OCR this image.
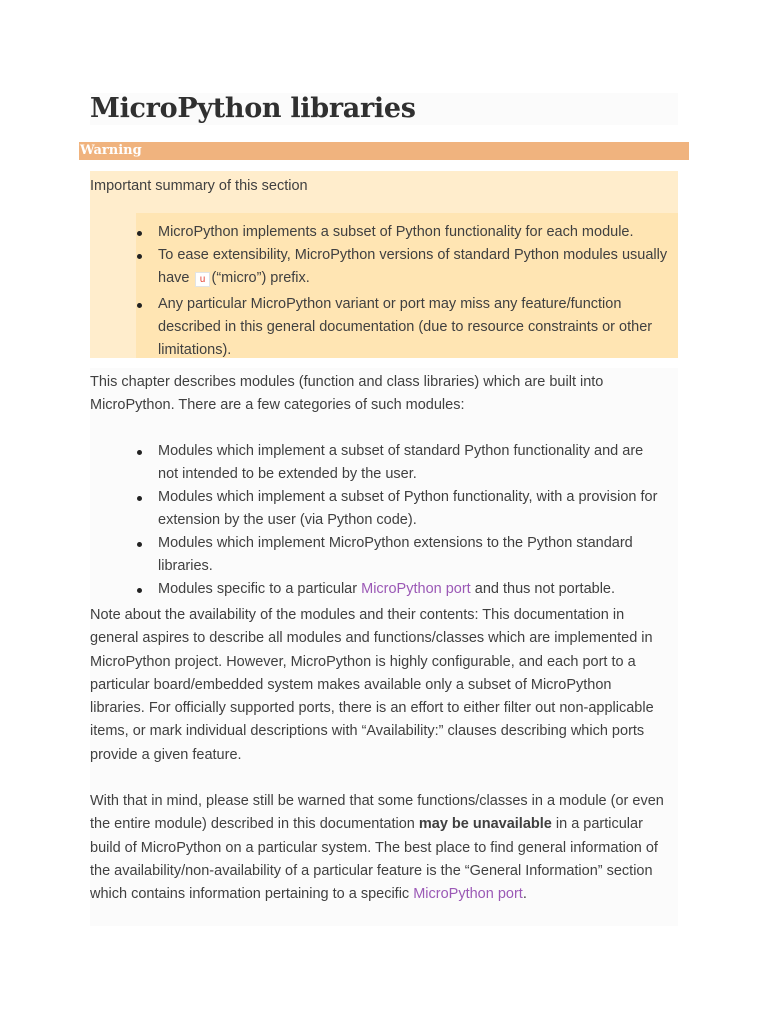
MicroPython libraries
Warning

Important summary of this section

MicroPython implements a subset of Python functionality for each module.
To ease extensibility, MicroPython versions of standard Python modules usually have u (“micro”) prefix.
Any particular MicroPython variant or port may miss any feature/function described in this general documentation (due to resource constraints or other limitations).

This chapter describes modules (function and class libraries) which are built into MicroPython. There are a few categories of such modules:

Modules which implement a subset of standard Python functionality and are not intended to be extended by the user.
Modules which implement a subset of Python functionality, with a provision for extension by the user (via Python code).
Modules which implement MicroPython extensions to the Python standard libraries.
Modules specific to a particular MicroPython port and thus not portable.

Note about the availability of the modules and their contents: This documentation in general aspires to describe all modules and functions/classes which are implemented in MicroPython project. However, MicroPython is highly configurable, and each port to a particular board/embedded system makes available only a subset of MicroPython libraries. For officially supported ports, there is an effort to either filter out non-applicable items, or mark individual descriptions with “Availability:” clauses describing which ports provide a given feature.

With that in mind, please still be warned that some functions/classes in a module (or even the entire module) described in this documentation may be unavailable in a particular build of MicroPython on a particular system. The best place to find general information of the availability/non-availability of a particular feature is the “General Information” section which contains information pertaining to a specific MicroPython port.
